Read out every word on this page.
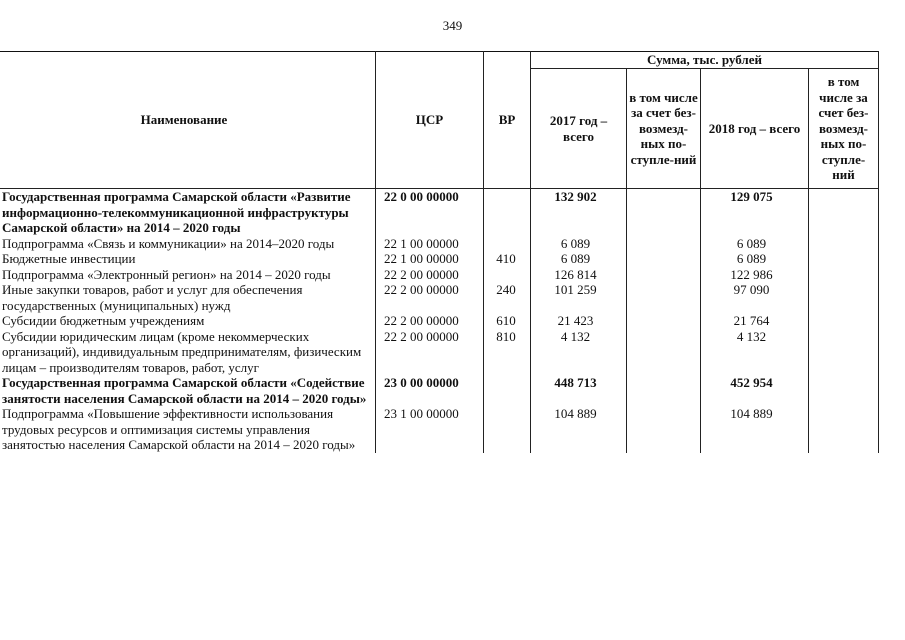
349
Наименование	ЦСР	ВР	Сумма, тыс. рублей			
			2017 год – всего	в том числе за счет без-возмезд-ных по-ступле-ний	2018 год – всего	в том числе за счет без-возмезд-ных по-ступле-ний
Государственная программа Самарской области «Развитие информационно-телекоммуникационной инфраструктуры Самарской области» на 2014 – 2020 годы	22 0 00 00000		132 902		129 075	
Подпрограмма «Связь и коммуникации» на 2014–2020 годы	22 1 00 00000		6 089		6 089	
Бюджетные инвестиции	22 1 00 00000	410	6 089		6 089	
Подпрограмма «Электронный регион» на 2014 – 2020 годы	22 2 00 00000		126 814		122 986	
Иные закупки товаров, работ и услуг для обеспечения государственных (муниципальных) нужд	22 2 00 00000	240	101 259		97 090	
Субсидии бюджетным учреждениям	22 2 00 00000	610	21 423		21 764	
Субсидии юридическим лицам (кроме некоммерческих организаций), индивидуальным предпринимателям, физическим лицам – производителям товаров, работ, услуг	22 2 00 00000	810	4 132		4 132	
Государственная программа Самарской области «Содействие занятости населения Самарской области на 2014 – 2020 годы»	23 0 00 00000		448 713		452 954	
Подпрограмма «Повышение эффективности использования трудовых ресурсов и оптимизация системы управления занятостью населения Самарской области на 2014 – 2020 годы»	23 1 00 00000		104 889		104 889	
